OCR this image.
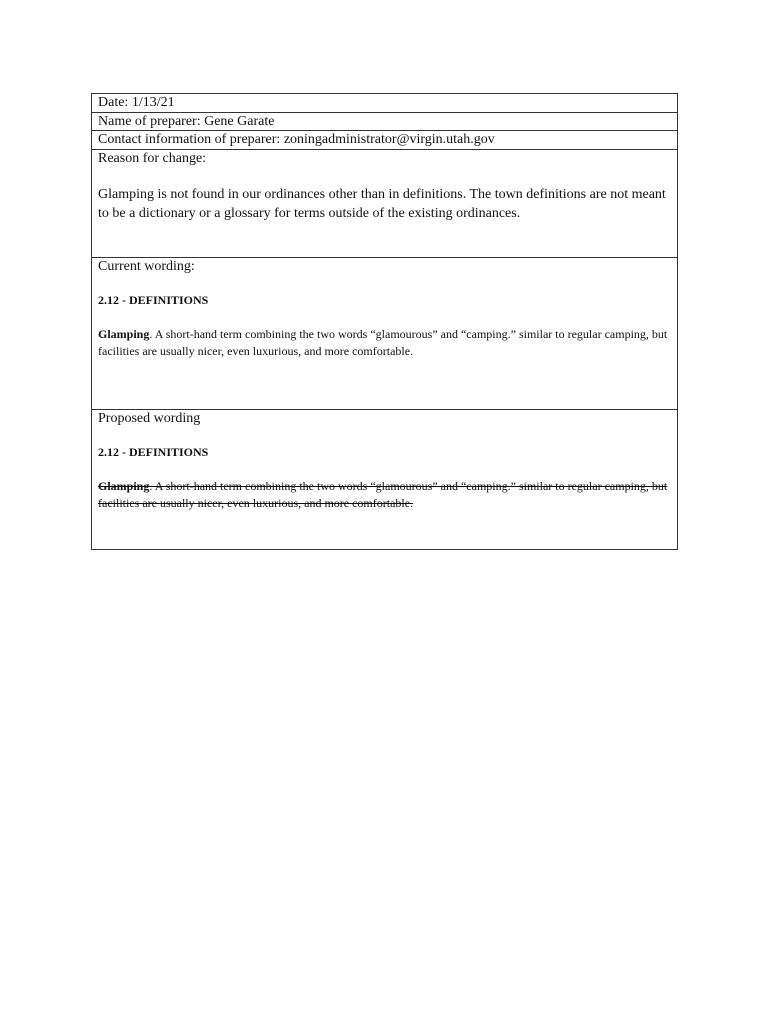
Date: 1/13/21
Name of preparer: Gene Garate
Contact information of preparer: zoningadministrator@virgin.utah.gov
Reason for change:

Glamping is not found in our ordinances other than in definitions. The town definitions are not meant to be a dictionary or a glossary for terms outside of the existing ordinances.

Current wording:
2.12 - DEFINITIONS

Glamping. A short-hand term combining the two words “glamourous” and “camping.” similar to regular camping, but facilities are usually nicer, even luxurious, and more comfortable.

Proposed wording
2.12 - DEFINITIONS

Glamping. A short-hand term combining the two words “glamourous” and “camping.” similar to regular camping, but facilities are usually nicer, even luxurious, and more comfortable.
